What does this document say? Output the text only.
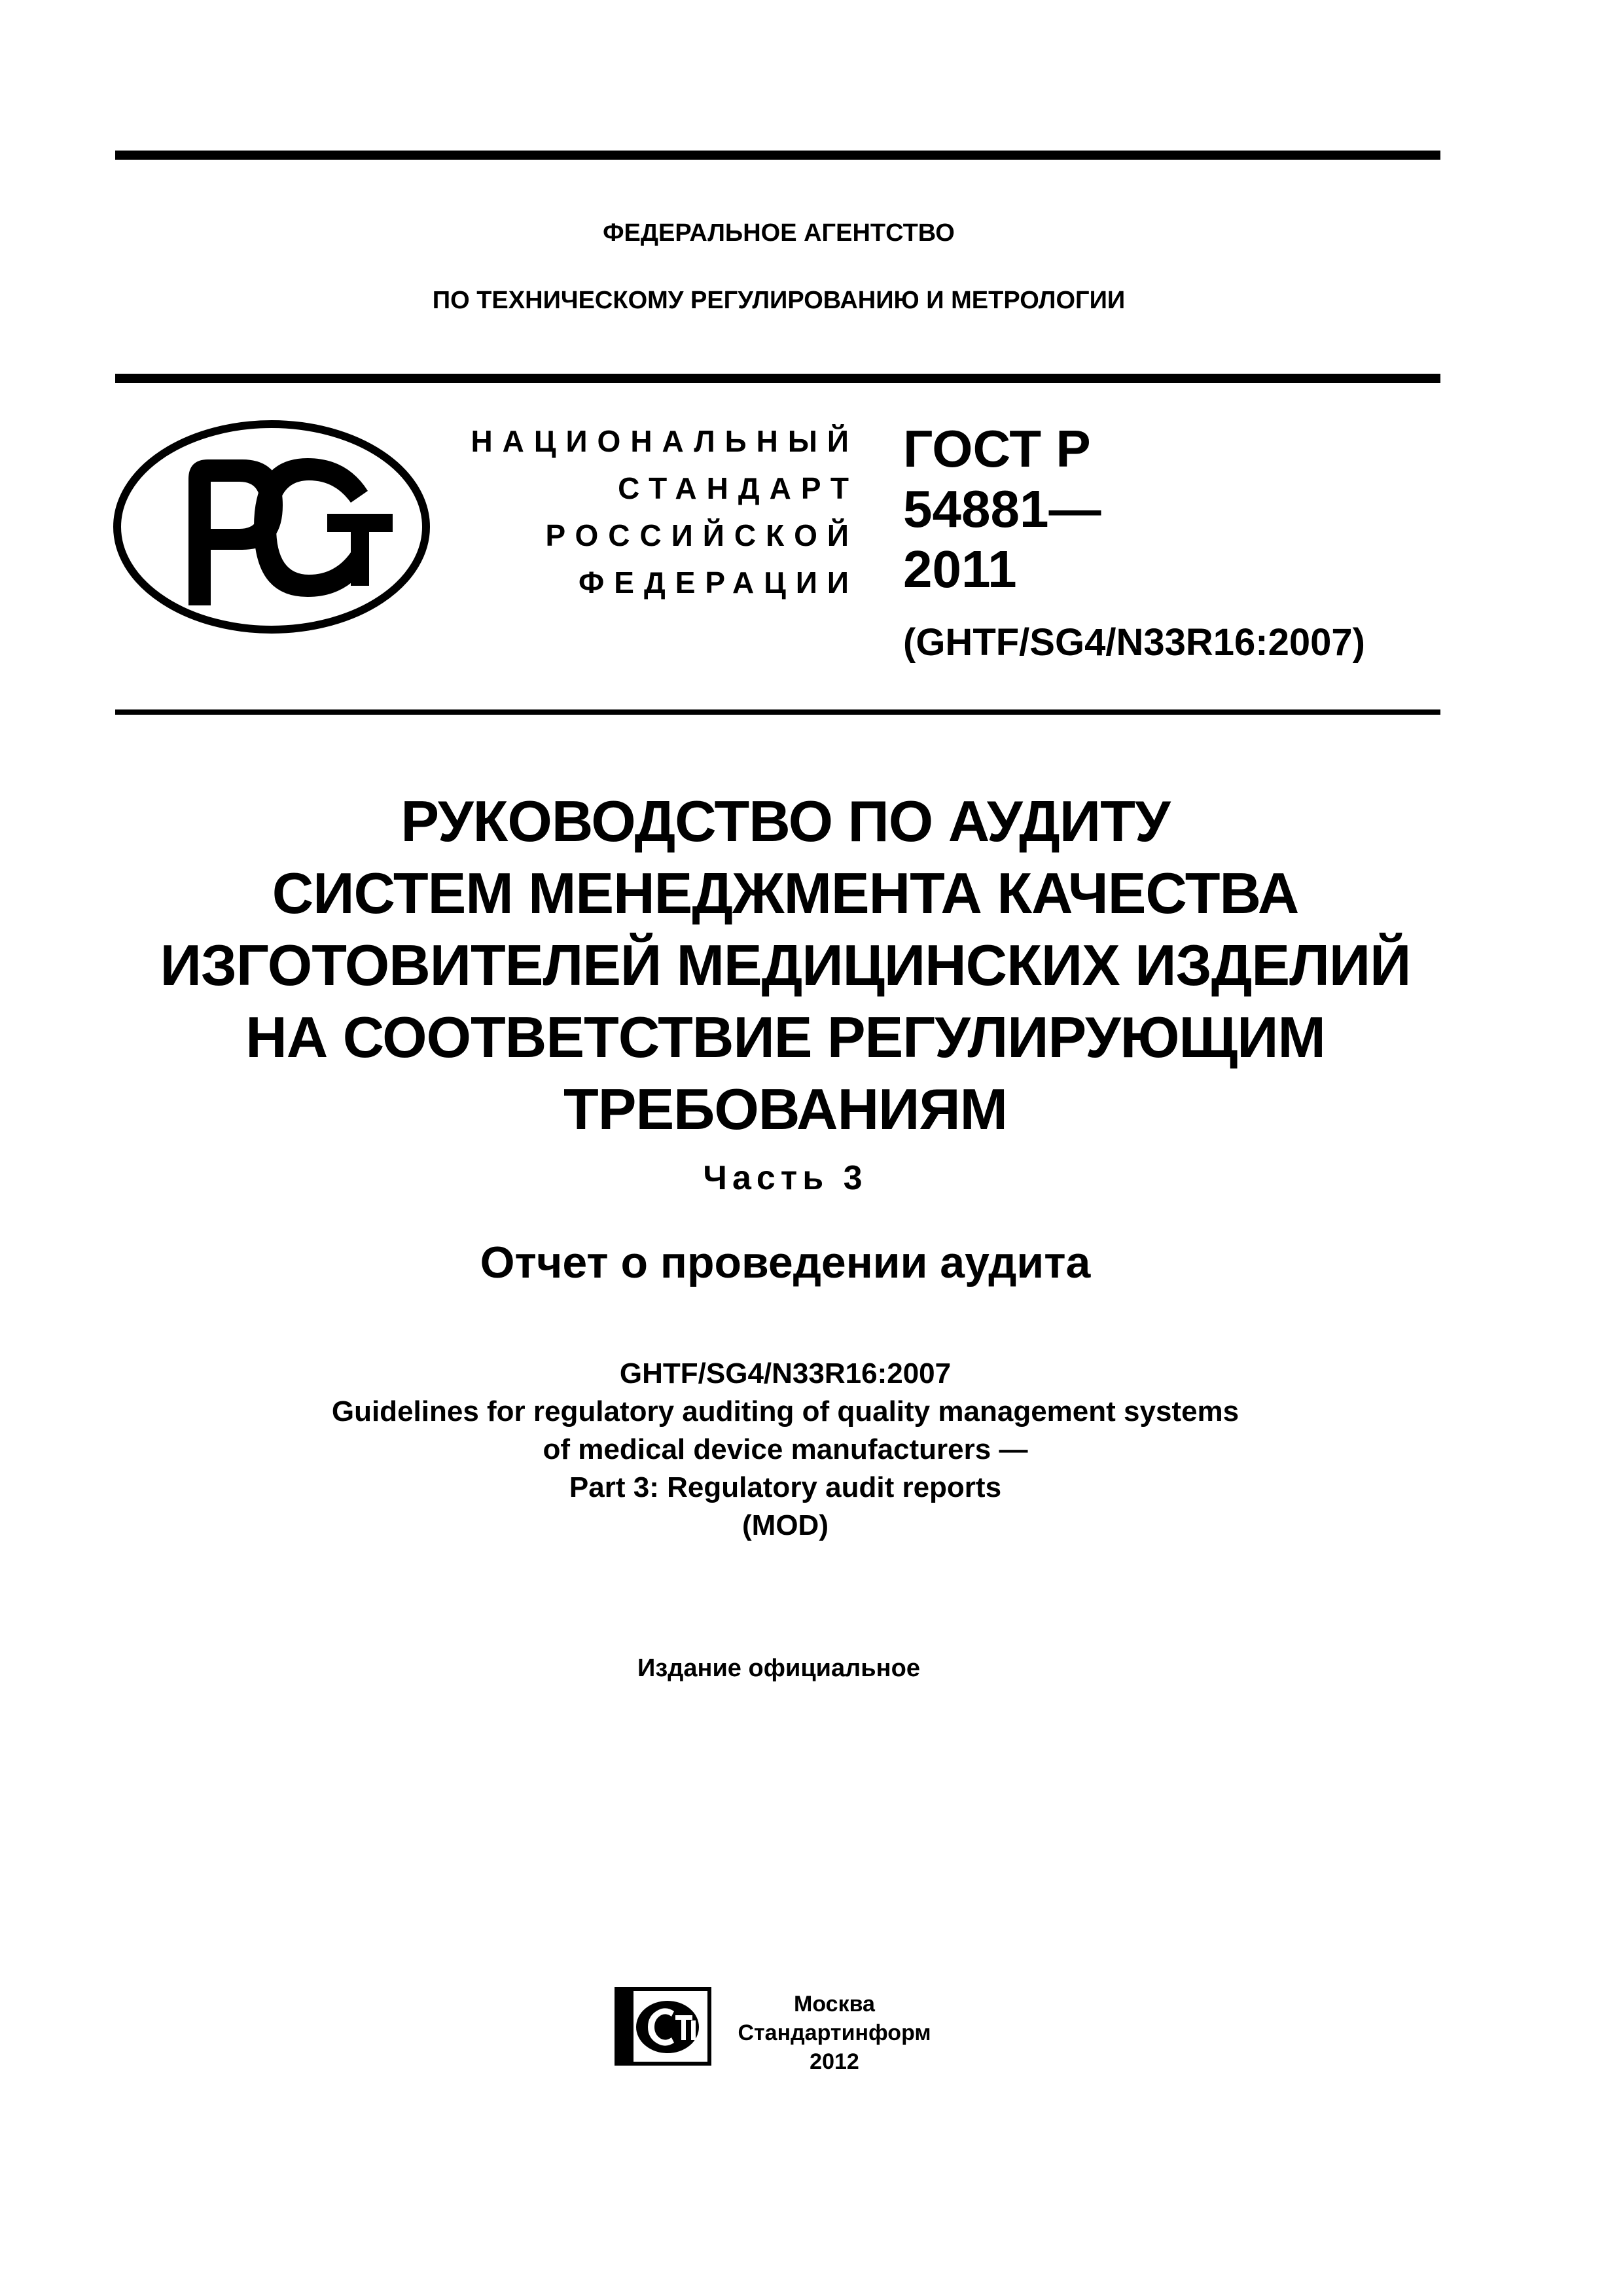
ФЕДЕРАЛЬНОЕ АГЕНТСТВО
ПО ТЕХНИЧЕСКОМУ РЕГУЛИРОВАНИЮ И МЕТРОЛОГИИ
НАЦИОНАЛЬНЫЙ
СТАНДАРТ
РОССИЙСКОЙ
ФЕДЕРАЦИИ
ГОСТ Р
54881—
2011
(GHTF/SG4/N33R16:2007)
РУКОВОДСТВО ПО АУДИТУ
СИСТЕМ МЕНЕДЖМЕНТА КАЧЕСТВА
ИЗГОТОВИТЕЛЕЙ МЕДИЦИНСКИХ ИЗДЕЛИЙ
НА СООТВЕТСТВИЕ РЕГУЛИРУЮЩИМ
ТРЕБОВАНИЯМ
Часть 3
Отчет о проведении аудита
GHTF/SG4/N33R16:2007
Guidelines for regulatory auditing of quality management systems
of medical device manufacturers —
Part 3: Regulatory audit reports
(MOD)
Издание официальное
Москва
Стандартинформ
2012
